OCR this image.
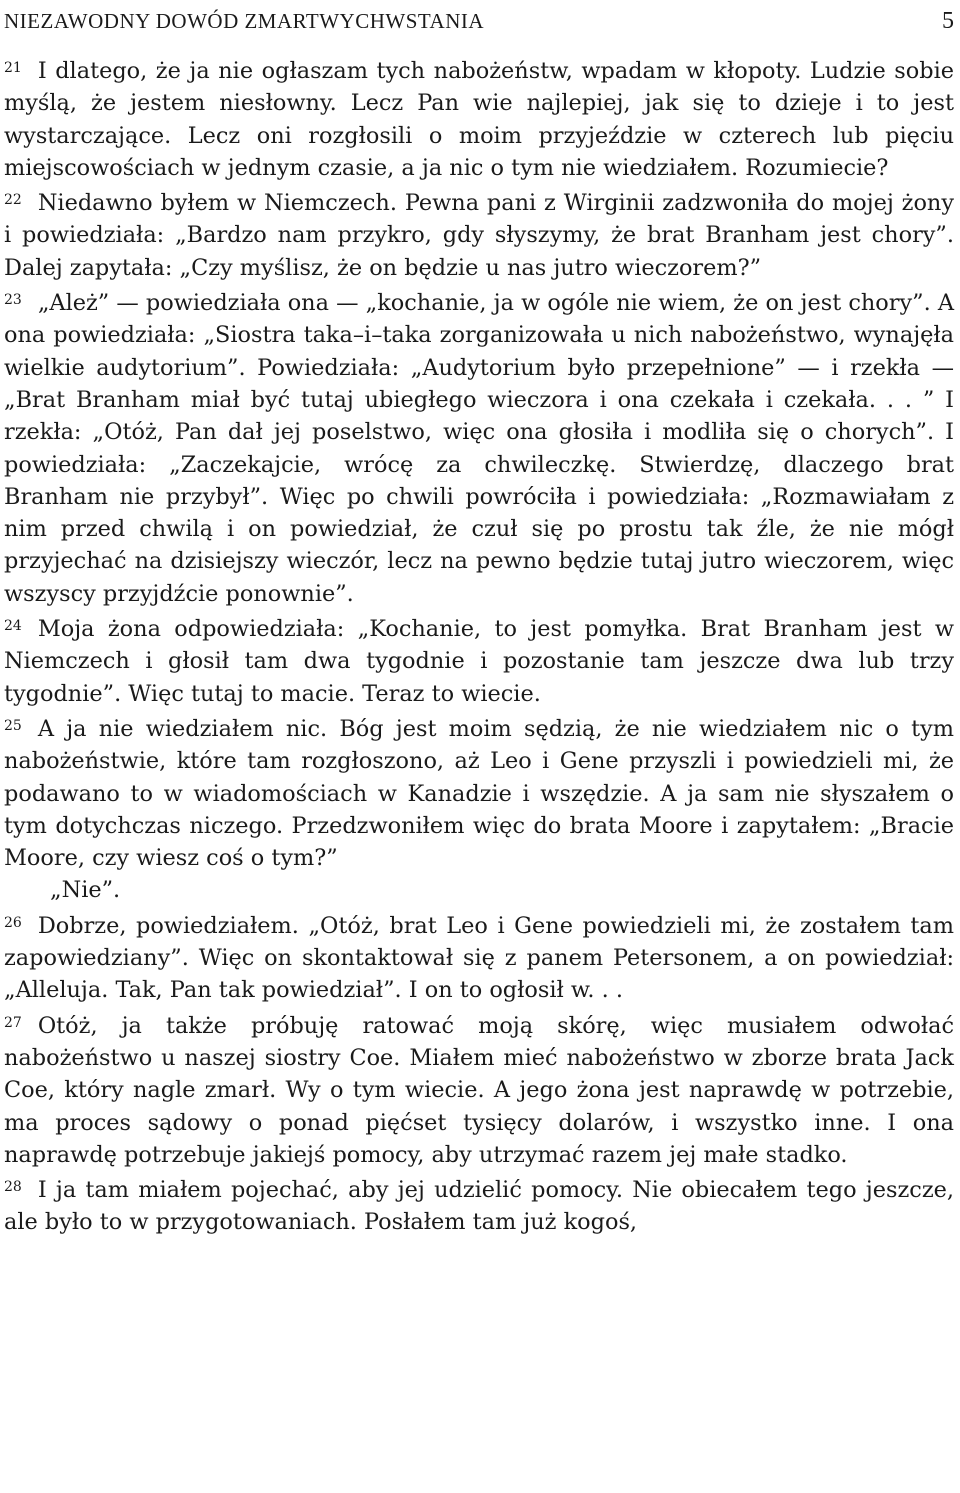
NIEZAWODNY DOWÓD ZMARTWYCHWSTANIA	5

$^{21}$ I dlatego, że ja nie ogłaszam tych nabożeństw, wpadam w kłopoty. Ludzie sobie myślą, że jestem niesłowny. Lecz Pan wie najlepiej, jak się to dzieje i to jest wystarczające. Lecz oni rozgłosili o moim przyjeździe w czterech lub pięciu miejscowościach w jednym czasie, a ja nic o tym nie wiedziałem. Rozumiecie?

$^{22}$ Niedawno byłem w Niemczech. Pewna pani z Wirginii zadzwoniła do mojej żony i powiedziała: „Bardzo nam przykro, gdy słyszymy, że brat Branham jest chory”. Dalej zapytała: „Czy myślisz, że on będzie u nas jutro wieczorem?”

$^{23}$ „Ależ” — powiedziała ona — „kochanie, ja w ogóle nie wiem, że on jest chory”. A ona powiedziała: „Siostra taka–i–taka zorganizowała u nich nabożeństwo, wynajęła wielkie audytorium”. Powiedziała: „Audytorium było przepełnione” — i rzekła — „Brat Branham miał być tutaj ubiegłego wieczora i ona czekała i czekała. . . ” I rzekła: „Otóż, Pan dał jej poselstwo, więc ona głosiła i modliła się o chorych”. I powiedziała: „Zaczekajcie, wrócę za chwileczkę. Stwierdzę, dlaczego brat Branham nie przybył”. Więc po chwili powróciła i powiedziała: „Rozmawiałam z nim przed chwilą i on powiedział, że czuł się po prostu tak źle, że nie mógł przyjechać na dzisiejszy wieczór, lecz na pewno będzie tutaj jutro wieczorem, więc wszyscy przyjdźcie ponownie”.

$^{24}$ Moja żona odpowiedziała: „Kochanie, to jest pomyłka. Brat Branham jest w Niemczech i głosił tam dwa tygodnie i pozostanie tam jeszcze dwa lub trzy tygodnie”. Więc tutaj to macie. Teraz to wiecie.

$^{25}$ A ja nie wiedziałem nic. Bóg jest moim sędzią, że nie wiedziałem nic o tym nabożeństwie, które tam rozgłoszono, aż Leo i Gene przyszli i powiedzieli mi, że podawano to w wiadomościach w Kanadzie i wszędzie. A ja sam nie słyszałem o tym dotychczas niczego. Przedzwoniłem więc do brata Moore i zapytałem: „Bracie Moore, czy wiesz coś o tym?”

„Nie”.

$^{26}$ Dobrze, powiedziałem. „Otóż, brat Leo i Gene powiedzieli mi, że zostałem tam zapowiedziany”. Więc on skontaktował się z panem Petersonem, a on powiedział: „Alleluja. Tak, Pan tak powiedział”. I on to ogłosił w. . .

$^{27}$ Otóż, ja także próbuję ratować moją skórę, więc musiałem odwołać nabożeństwo u naszej siostry Coe. Miałem mieć nabożeństwo w zborze brata Jack Coe, który nagle zmarł. Wy o tym wiecie. A jego żona jest naprawdę w potrzebie, ma proces sądowy o ponad pięćset tysięcy dolarów, i wszystko inne. I ona naprawdę potrzebuje jakiejś pomocy, aby utrzymać razem jej małe stadko.

$^{28}$ I ja tam miałem pojechać, aby jej udzielić pomocy. Nie obiecałem tego jeszcze, ale było to w przygotowaniach. Posłałem tam już kogoś,
